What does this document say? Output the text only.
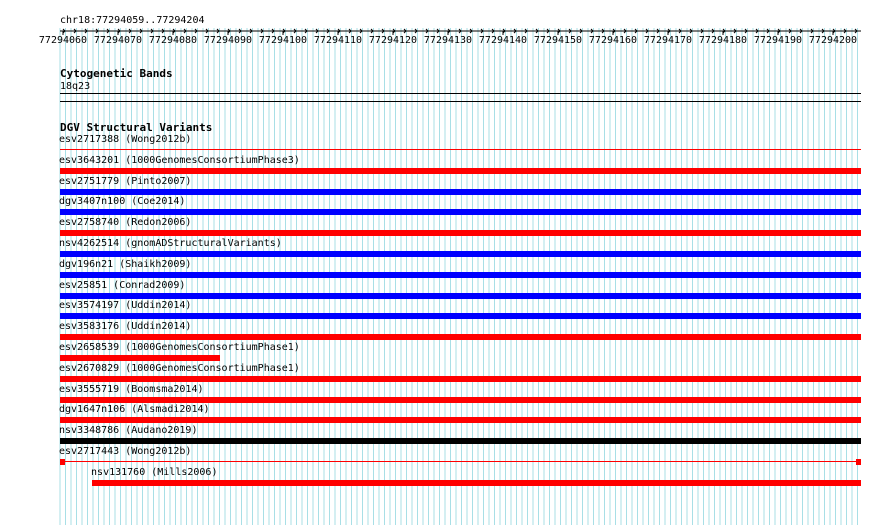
chr18:77294059..77294204
77294060 77294070 77294080 77294090 77294100 77294110 77294120 77294130 77294140 77294150 77294160 77294170 77294180 77294190 77294200
Cytogenetic Bands
18q23
DGV Structural Variants
esv2717388 (Wong2012b)
esv3643201 (1000GenomesConsortiumPhase3)
esv2751779 (Pinto2007)
dgv3407n100 (Coe2014)
esv2758740 (Redon2006)
nsv4262514 (gnomADStructuralVariants)
dgv196n21 (Shaikh2009)
esv25851 (Conrad2009)
esv3574197 (Uddin2014)
esv3583176 (Uddin2014)
esv2658539 (1000GenomesConsortiumPhase1)
esv2670829 (1000GenomesConsortiumPhase1)
esv3555719 (Boomsma2014)
dgv1647n106 (Alsmadi2014)
nsv3348786 (Audano2019)
esv2717443 (Wong2012b)
nsv131760 (Mills2006)
